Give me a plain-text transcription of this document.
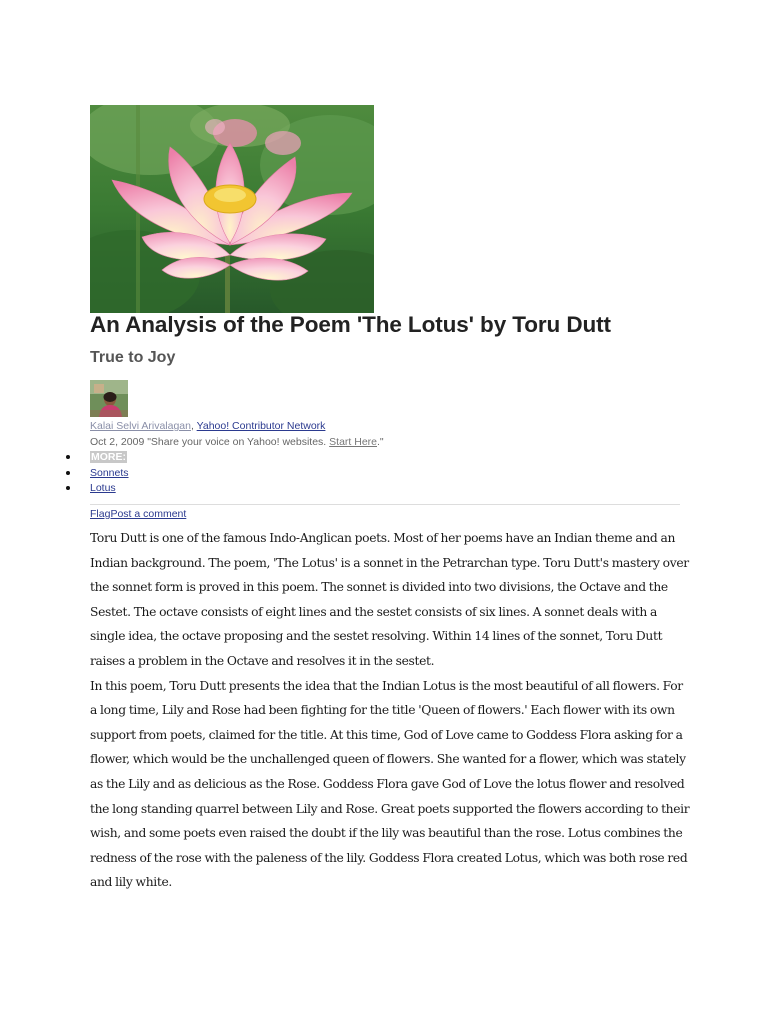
An Analysis of the Poem 'The Lotus' by Toru Dutt
True to Joy
Kalai Selvi Arivalagan, Yahoo! Contributor Network
Oct 2, 2009 "Share your voice on Yahoo! websites. Start Here."
MORE:
Sonnets
Lotus
FlagPost a comment

Toru Dutt is one of the famous Indo-Anglican poets. Most of her poems have an Indian theme and an Indian background. The poem, 'The Lotus' is a sonnet in the Petrarchan type. Toru Dutt's mastery over the sonnet form is proved in this poem. The sonnet is divided into two divisions, the Octave and the Sestet. The octave consists of eight lines and the sestet consists of six lines. A sonnet deals with a single idea, the octave proposing and the sestet resolving. Within 14 lines of the sonnet, Toru Dutt raises a problem in the Octave and resolves it in the sestet.

In this poem, Toru Dutt presents the idea that the Indian Lotus is the most beautiful of all flowers. For a long time, Lily and Rose had been fighting for the title 'Queen of flowers.' Each flower with its own support from poets, claimed for the title. At this time, God of Love came to Goddess Flora asking for a flower, which would be the unchallenged queen of flowers. She wanted for a flower, which was stately as the Lily and as delicious as the Rose. Goddess Flora gave God of Love the lotus flower and resolved the long standing quarrel between Lily and Rose. Great poets supported the flowers according to their wish, and some poets even raised the doubt if the lily was beautiful than the rose. Lotus combines the redness of the rose with the paleness of the lily. Goddess Flora created Lotus, which was both rose red and lily white.
